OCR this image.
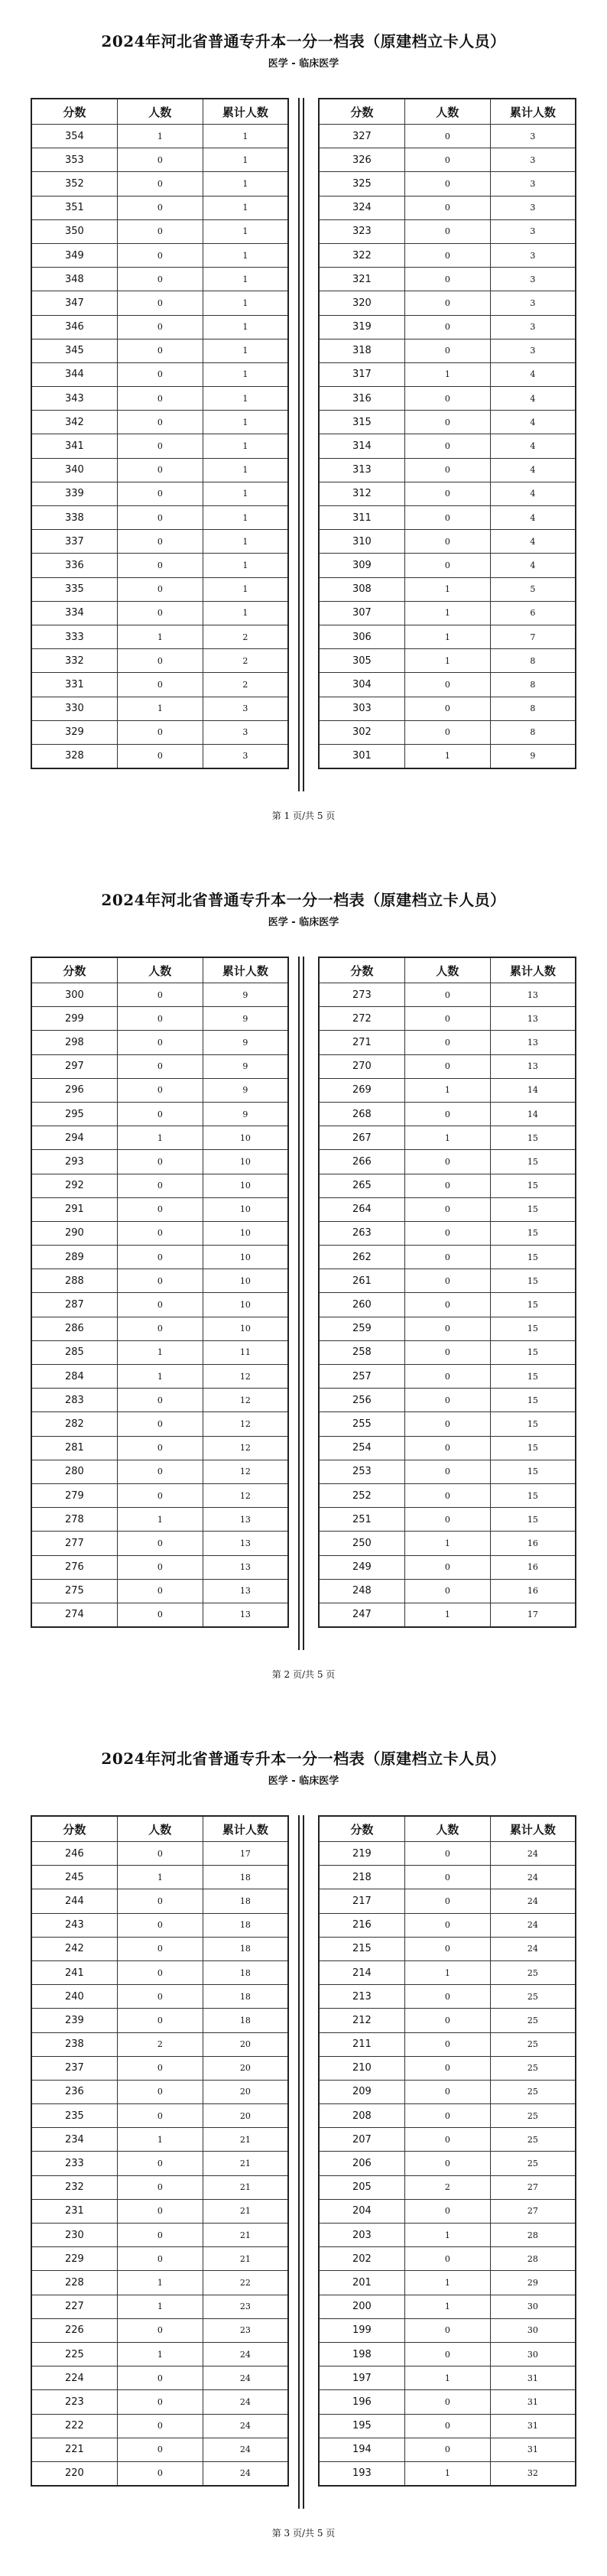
2024年河北省普通专升本一分一档表（原建档立卡人员）
医学 - 临床医学
分数	人数	累计人数
354	1	1
353	0	1
352	0	1
351	0	1
350	0	1
349	0	1
348	0	1
347	0	1
346	0	1
345	0	1
344	0	1
343	0	1
342	0	1
341	0	1
340	0	1
339	0	1
338	0	1
337	0	1
336	0	1
335	0	1
334	0	1
333	1	2
332	0	2
331	0	2
330	1	3
329	0	3
328	0	3
分数	人数	累计人数
327	0	3
326	0	3
325	0	3
324	0	3
323	0	3
322	0	3
321	0	3
320	0	3
319	0	3
318	0	3
317	1	4
316	0	4
315	0	4
314	0	4
313	0	4
312	0	4
311	0	4
310	0	4
309	0	4
308	1	5
307	1	6
306	1	7
305	1	8
304	0	8
303	0	8
302	0	8
301	1	9
第 1 页/共 5 页
2024年河北省普通专升本一分一档表（原建档立卡人员）
医学 - 临床医学
分数	人数	累计人数
300	0	9
299	0	9
298	0	9
297	0	9
296	0	9
295	0	9
294	1	10
293	0	10
292	0	10
291	0	10
290	0	10
289	0	10
288	0	10
287	0	10
286	0	10
285	1	11
284	1	12
283	0	12
282	0	12
281	0	12
280	0	12
279	0	12
278	1	13
277	0	13
276	0	13
275	0	13
274	0	13
分数	人数	累计人数
273	0	13
272	0	13
271	0	13
270	0	13
269	1	14
268	0	14
267	1	15
266	0	15
265	0	15
264	0	15
263	0	15
262	0	15
261	0	15
260	0	15
259	0	15
258	0	15
257	0	15
256	0	15
255	0	15
254	0	15
253	0	15
252	0	15
251	0	15
250	1	16
249	0	16
248	0	16
247	1	17
第 2 页/共 5 页
2024年河北省普通专升本一分一档表（原建档立卡人员）
医学 - 临床医学
分数	人数	累计人数
246	0	17
245	1	18
244	0	18
243	0	18
242	0	18
241	0	18
240	0	18
239	0	18
238	2	20
237	0	20
236	0	20
235	0	20
234	1	21
233	0	21
232	0	21
231	0	21
230	0	21
229	0	21
228	1	22
227	1	23
226	0	23
225	1	24
224	0	24
223	0	24
222	0	24
221	0	24
220	0	24
分数	人数	累计人数
219	0	24
218	0	24
217	0	24
216	0	24
215	0	24
214	1	25
213	0	25
212	0	25
211	0	25
210	0	25
209	0	25
208	0	25
207	0	25
206	0	25
205	2	27
204	0	27
203	1	28
202	0	28
201	1	29
200	1	30
199	0	30
198	0	30
197	1	31
196	0	31
195	0	31
194	0	31
193	1	32
第 3 页/共 5 页
